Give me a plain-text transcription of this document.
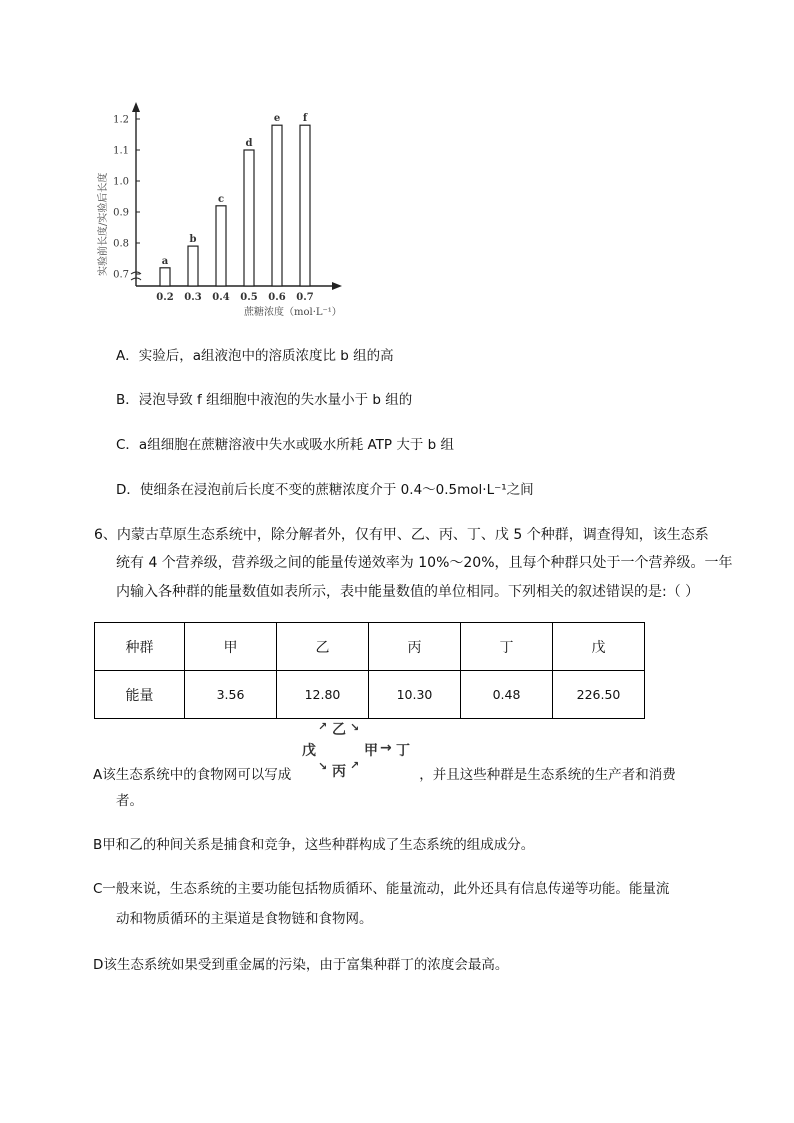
a
b
c
d
e f
0.7
0.8
0.9
1.0
1.1
1.2
0.2 0.3 0.4 0.5 0.6 0.7
实验前长度/实验后长度
蔗糖浓度（mol·L⁻¹）
A．实验后，a组液泡中的溶质浓度比 b 组的高
B．浸泡导致 f 组细胞中液泡的失水量小于 b 组的
C．a组细胞在蔗糖溶液中失水或吸水所耗 ATP 大于 b 组
D．使细条在浸泡前后长度不变的蔗糖浓度介于 0.4～0.5mol·L⁻¹之间
6、内蒙古草原生态系统中，除分解者外，仅有甲、乙、丙、丁、戊 5 个种群，调查得知，该生态系
统有 4 个营养级，营养级之间的能量传递效率为 10%～20%，且每个种群只处于一个营养级。一年
内输入各种群的能量数值如表所示，表中能量数值的单位相同。下列相关的叙述错误的是:（ ）
种群	甲	乙	丙	丁	戊
能量	3.56	12.80	10.30	0.48	226.50
戊
↗ 乙 ↘
↘ 丙 ↗
甲 → 丁
A该生态系统中的食物网可以写成	，并且这些种群是生态系统的生产者和消费
者。
B甲和乙的种间关系是捕食和竞争，这些种群构成了生态系统的组成成分。
C一般来说，生态系统的主要功能包括物质循环、能量流动，此外还具有信息传递等功能。能量流
动和物质循环的主渠道是食物链和食物网。
D该生态系统如果受到重金属的污染，由于富集种群丁的浓度会最高。
